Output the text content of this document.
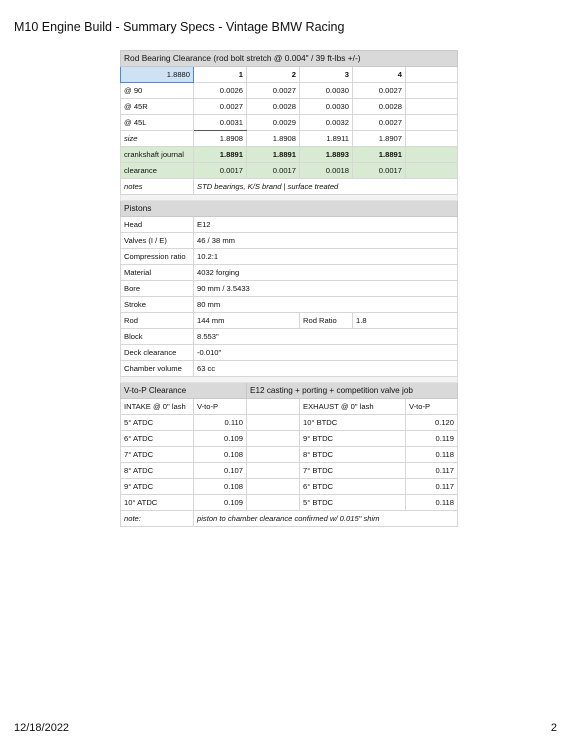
M10 Engine Build - Summary Specs - Vintage BMW Racing
Rod Bearing Clearance (rod bolt stretch @ 0.004" / 39 ft-lbs +/-)					
1.8880	1	2	3	4	
@ 90	0.0026	0.0027	0.0030	0.0027	
@ 45R	0.0027	0.0028	0.0030	0.0028	
@ 45L	0.0031	0.0029	0.0032	0.0027	
size	1.8908	1.8908	1.8911	1.8907	
crankshaft journal	1.8891	1.8891	1.8893	1.8891	
clearance	0.0017	0.0017	0.0018	0.0017	
notes	STD bearings, K/S brand | surface treated				

Pistons					
Head	E12				
Valves (I / E)	46 / 38 mm				
Compression ratio	10.2:1				
Material	4032 forging				
Bore	90 mm / 3.5433				
Stroke	80 mm				
Rod	144 mm		Rod Ratio	1.8	
Block	8.553"				
Deck clearance	-0.010"				
Chamber volume	63 cc				

V-to-P Clearance		E12 casting + porting + competition valve job			
INTAKE @ 0" lash	V-to-P		EXHAUST @ 0" lash		V-to-P
5° ATDC	0.110		10° BTDC		0.120
6° ATDC	0.109		9° BTDC		0.119
7° ATDC	0.108		8° BTDC		0.118
8° ATDC	0.107		7° BTDC		0.117
9° ATDC	0.108		6° BTDC		0.117
10° ATDC	0.109		5° BTDC		0.118
note:	piston to chamber clearance confirmed w/ 0.015" shim				
12/18/2022	2
